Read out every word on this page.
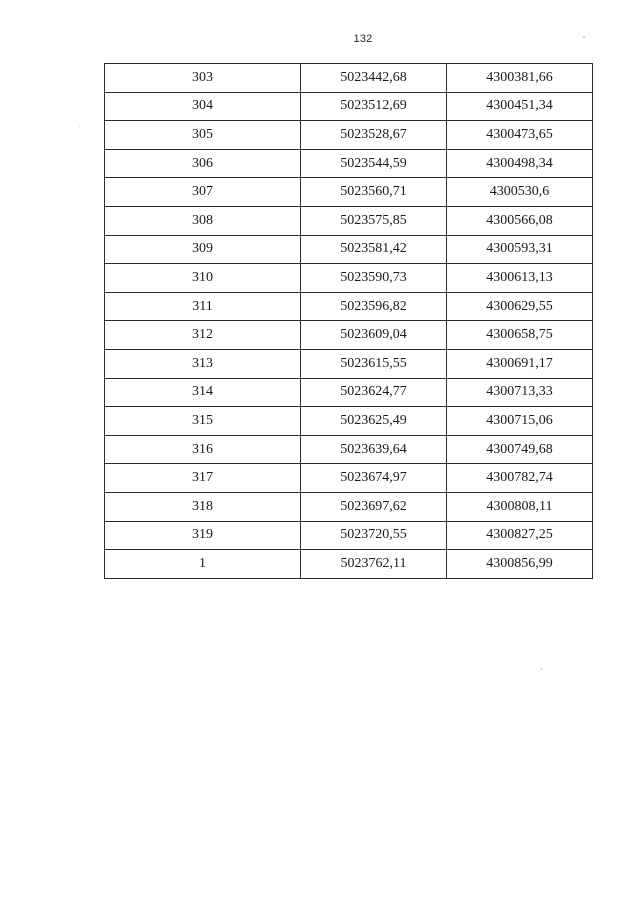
132
303	5023442,68	4300381,66
304	5023512,69	4300451,34
305	5023528,67	4300473,65
306	5023544,59	4300498,34
307	5023560,71	4300530,6
308	5023575,85	4300566,08
309	5023581,42	4300593,31
310	5023590,73	4300613,13
311	5023596,82	4300629,55
312	5023609,04	4300658,75
313	5023615,55	4300691,17
314	5023624,77	4300713,33
315	5023625,49	4300715,06
316	5023639,64	4300749,68
317	5023674,97	4300782,74
318	5023697,62	4300808,11
319	5023720,55	4300827,25
1	5023762,11	4300856,99
